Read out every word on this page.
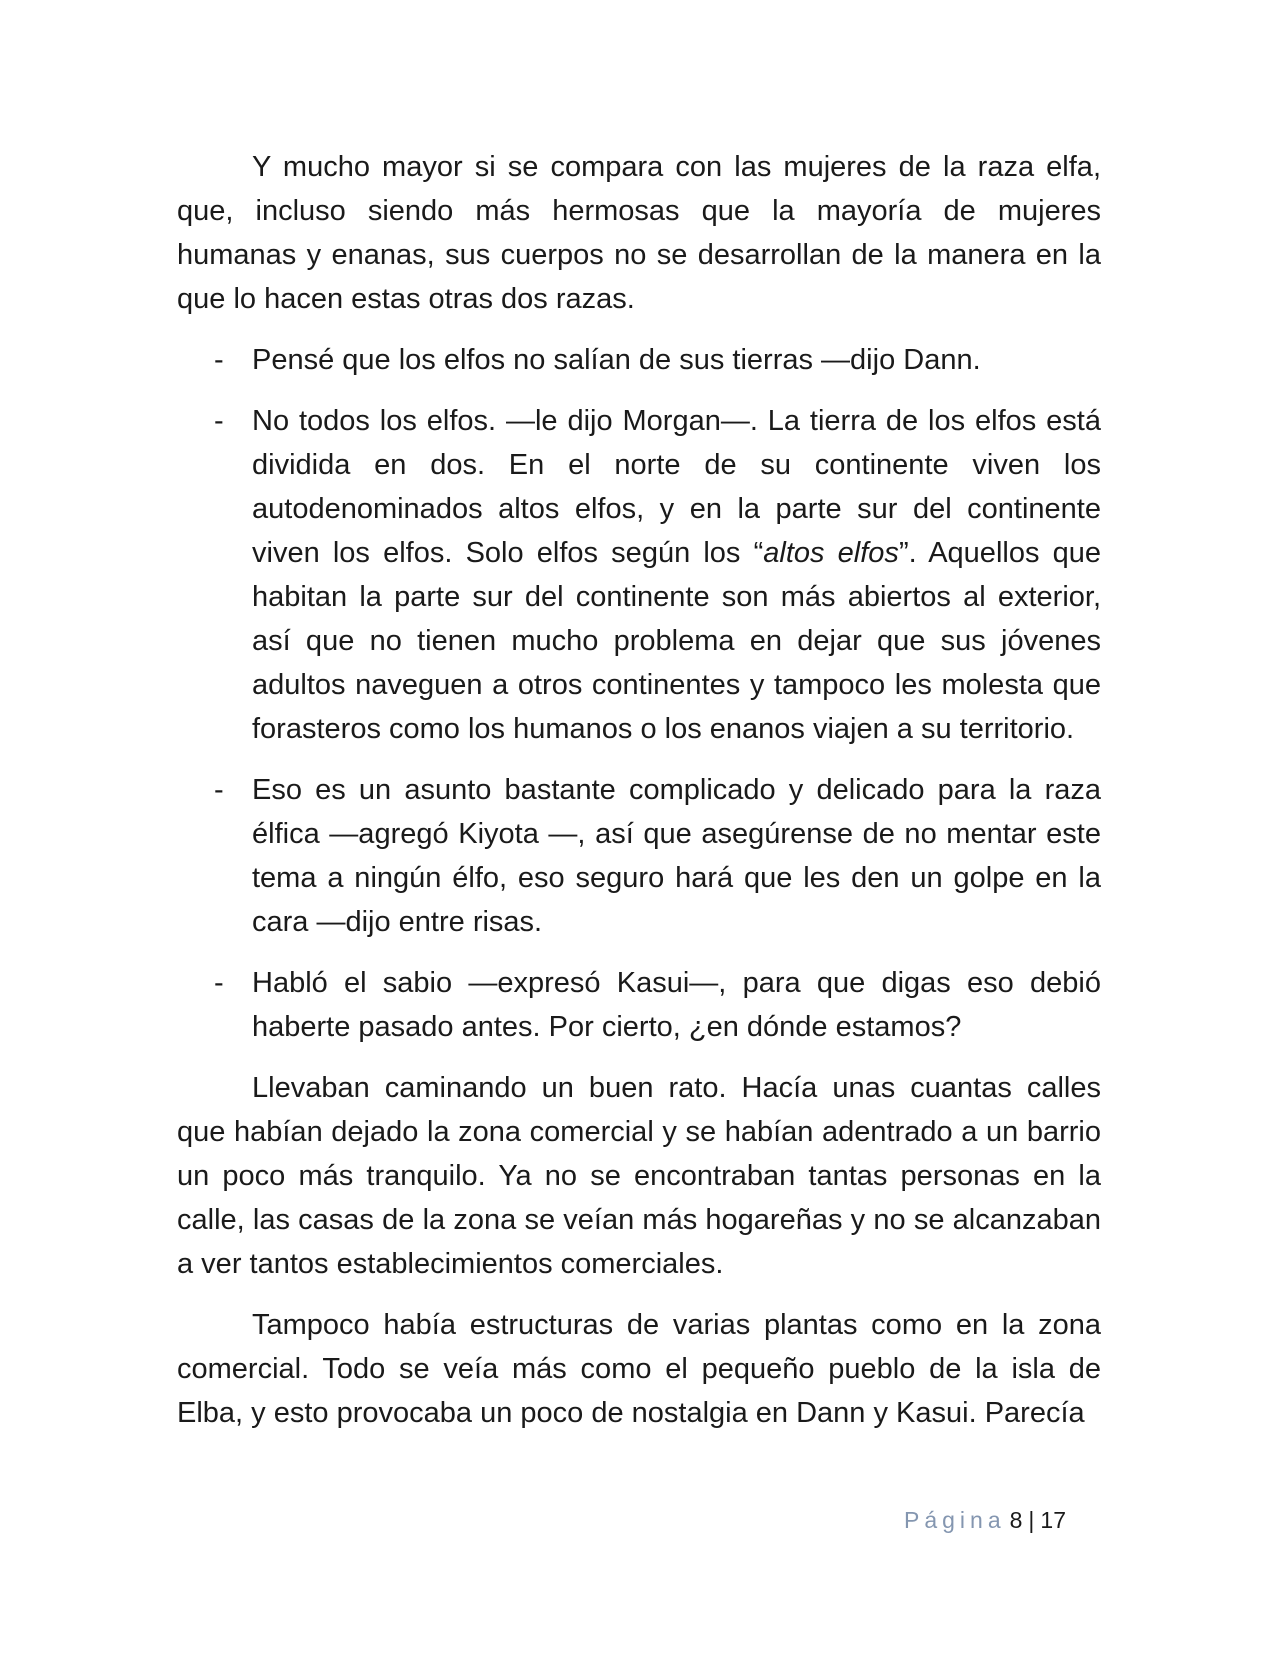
Y mucho mayor si se compara con las mujeres de la raza elfa, que, incluso siendo más hermosas que la mayoría de mujeres humanas y enanas, sus cuerpos no se desarrollan de la manera en la que lo hacen estas otras dos razas.

- Pensé que los elfos no salían de sus tierras —dijo Dann.
- No todos los elfos. —le dijo Morgan—. La tierra de los elfos está dividida en dos. En el norte de su continente viven los autodenominados altos elfos, y en la parte sur del continente viven los elfos. Solo elfos según los “altos elfos”. Aquellos que habitan la parte sur del continente son más abiertos al exterior, así que no tienen mucho problema en dejar que sus jóvenes adultos naveguen a otros continentes y tampoco les molesta que forasteros como los humanos o los enanos viajen a su territorio.
- Eso es un asunto bastante complicado y delicado para la raza élfica —agregó Kiyota —, así que asegúrense de no mentar este tema a ningún élfo, eso seguro hará que les den un golpe en la cara —dijo entre risas.
- Habló el sabio —expresó Kasui—, para que digas eso debió haberte pasado antes. Por cierto, ¿en dónde estamos?

Llevaban caminando un buen rato. Hacía unas cuantas calles que habían dejado la zona comercial y se habían adentrado a un barrio un poco más tranquilo. Ya no se encontraban tantas personas en la calle, las casas de la zona se veían más hogareñas y no se alcanzaban a ver tantos establecimientos comerciales.

Tampoco había estructuras de varias plantas como en la zona comercial. Todo se veía más como el pequeño pueblo de la isla de Elba, y esto provocaba un poco de nostalgia en Dann y Kasui. Parecía

Página 8 | 17
